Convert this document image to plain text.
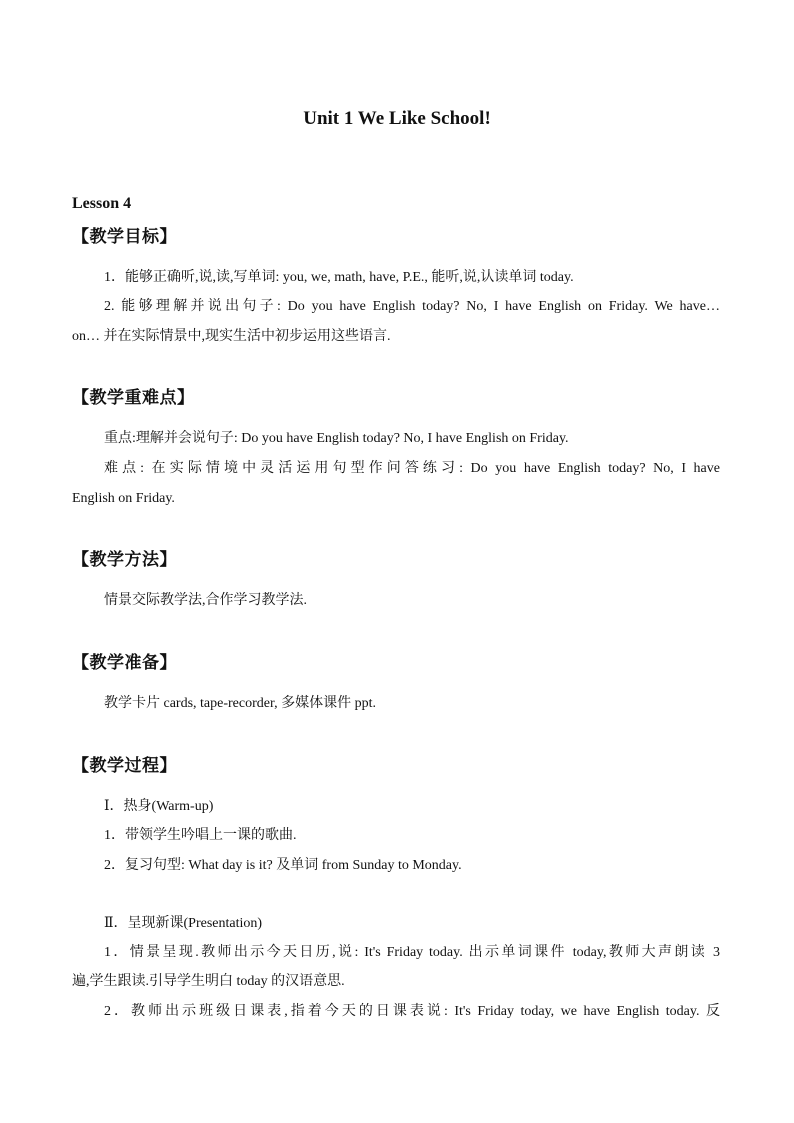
Unit 1 We Like School!
Lesson 4
【教学目标】
1．能够正确听,说,读,写单词: you, we, math, have, P.E., 能听,说,认读单词 today.
2. 能够理解并说出句子: Do you have English today? No, I have English on Friday. We have…
on… 并在实际情景中,现实生活中初步运用这些语言.
【教学重难点】
重点:理解并会说句子: Do you have English today? No, I have English on Friday.
难点: 在实际情境中灵活运用句型作问答练习: Do you have English today? No, I have
English on Friday.
【教学方法】
情景交际教学法,合作学习教学法.
【教学准备】
教学卡片 cards, tape-recorder, 多媒体课件 ppt.
【教学过程】
Ⅰ．热身(Warm-up)
1．带领学生吟唱上一课的歌曲.
2．复习句型: What day is it? 及单词 from Sunday to Monday.
Ⅱ．呈现新课(Presentation)
1．情景呈现.教师出示今天日历,说: It's Friday today. 出示单词课件 today,教师大声朗读 3
遍,学生跟读.引导学生明白 today 的汉语意思.
2．教师出示班级日课表,指着今天的日课表说: It's Friday today, we have English today. 反
